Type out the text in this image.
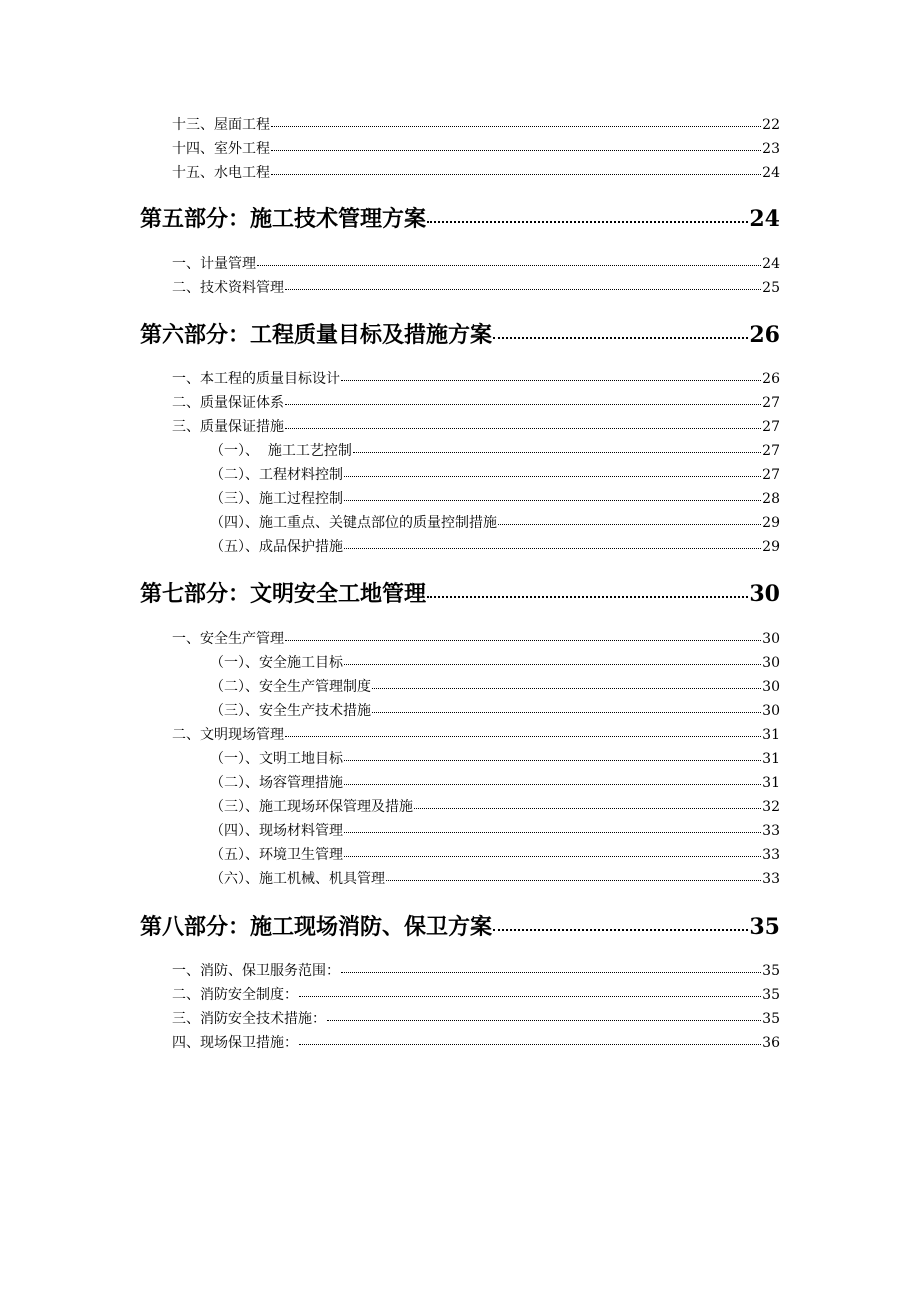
十三、屋面工程	22
十四、室外工程	23
十五、水电工程	24
第五部分：施工技术管理方案	24
一、计量管理	24
二、技术资料管理	25
第六部分：工程质量目标及措施方案	26
一、本工程的质量目标设计	26
二、质量保证体系	27
三、质量保证措施	27
（一）、  施工工艺控制	27
（二）、工程材料控制	27
（三）、施工过程控制	28
（四）、施工重点、关键点部位的质量控制措施	29
（五）、成品保护措施	29
第七部分：文明安全工地管理	30
一、安全生产管理	30
（一）、安全施工目标	30
（二）、安全生产管理制度	30
（三）、安全生产技术措施	30
二、文明现场管理	31
（一）、文明工地目标	31
（二）、场容管理措施	31
（三）、施工现场环保管理及措施	32
（四）、现场材料管理	33
（五）、环境卫生管理	33
（六）、施工机械、机具管理	33
第八部分：施工现场消防、保卫方案	35
一、消防、保卫服务范围：	35
二、消防安全制度：	35
三、消防安全技术措施：	35
四、现场保卫措施：	36
